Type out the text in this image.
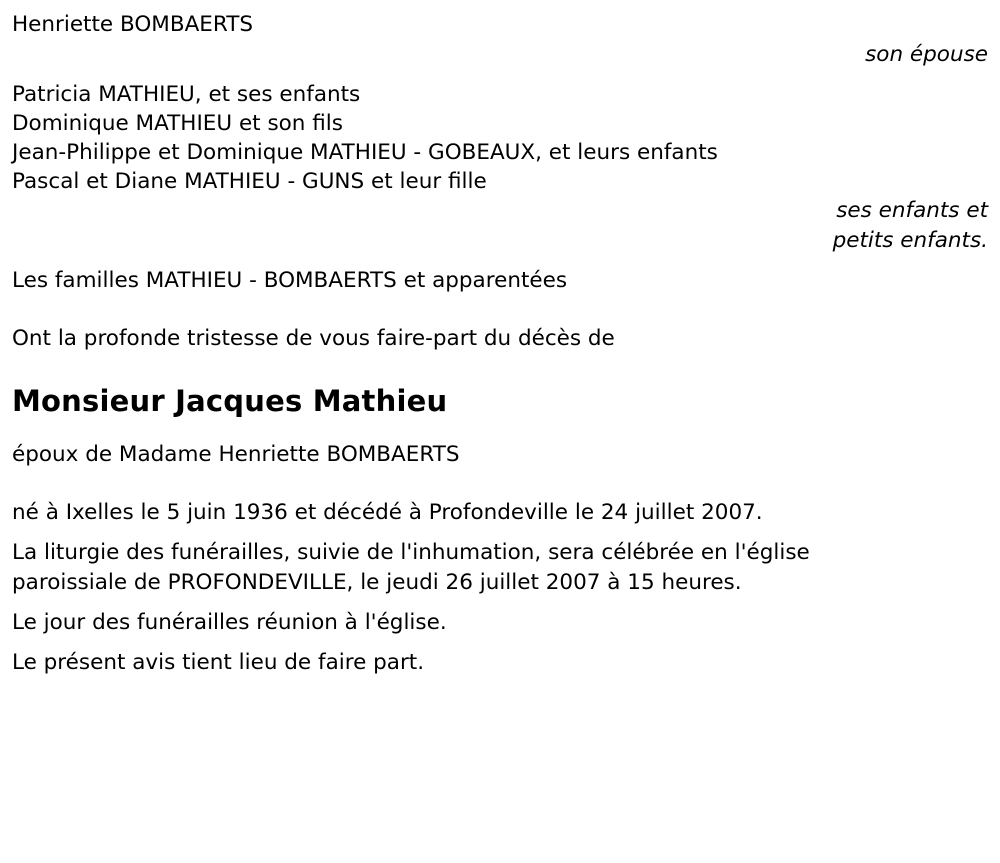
Henriette BOMBAERTS
son épouse
Patricia MATHIEU, et ses enfants
Dominique MATHIEU et son fils
Jean-Philippe et Dominique MATHIEU - GOBEAUX, et leurs enfants
Pascal et Diane MATHIEU - GUNS et leur fille
ses enfants et
petits enfants.
Les familles MATHIEU - BOMBAERTS et apparentées
Ont la profonde tristesse de vous faire-part du décès de
Monsieur Jacques Mathieu
époux de Madame Henriette BOMBAERTS
né à Ixelles le 5 juin 1936 et décédé à Profondeville le 24 juillet 2007.
La liturgie des funérailles, suivie de l'inhumation, sera célébrée en l'église
paroissiale de PROFONDEVILLE, le jeudi 26 juillet 2007 à 15 heures.
Le jour des funérailles réunion à l'église.
Le présent avis tient lieu de faire part.
